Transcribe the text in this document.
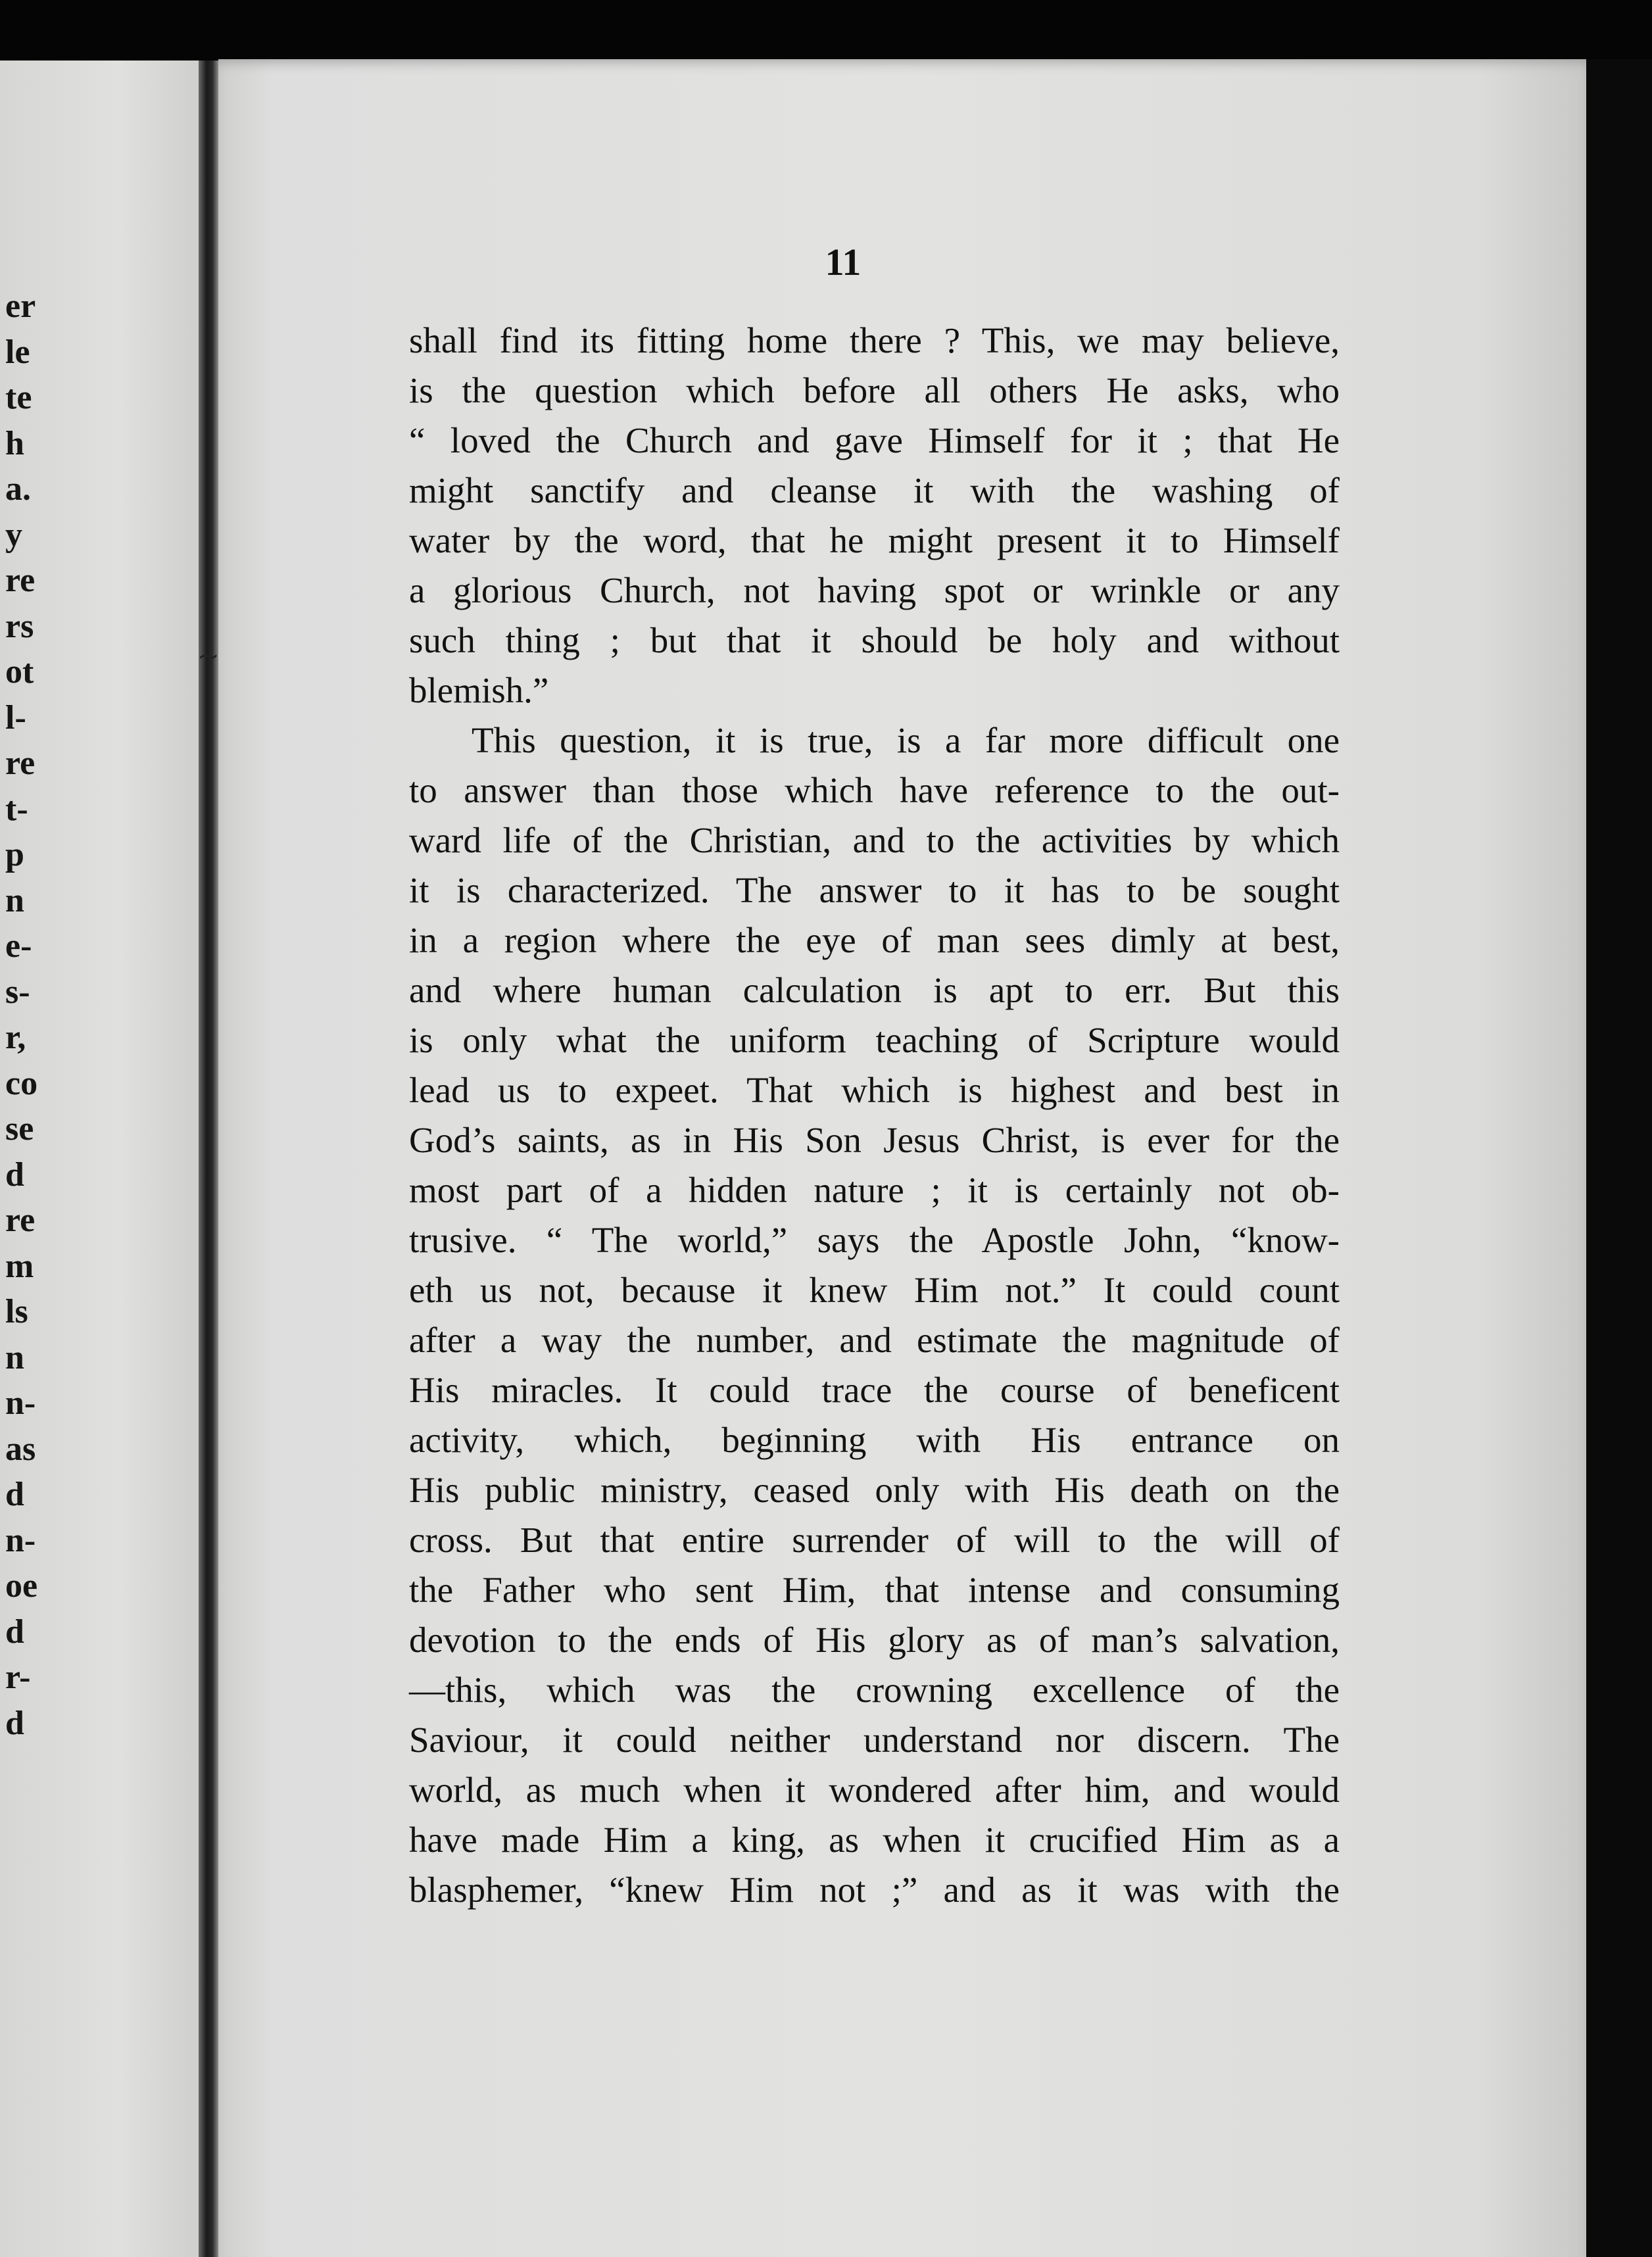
er
le
te
h
a.
y
re
rs
ot
l-
re
t-
p
n
e-
s-
r,
co
se
d
re
m
ls
n
n-
as
d
n-
oe
d
r-
d
11

shall find its fitting home there ? This, we may believe,
is the question which before all others He asks, who
“ loved the Church and gave Himself for it ; that He
might sanctify and cleanse it with the washing of
water by the word, that he might present it to Himself
a glorious Church, not having spot or wrinkle or any
such thing ; but that it should be holy and without
blemish.”

This question, it is true, is a far more difficult one
to answer than those which have reference to the out-
ward life of the Christian, and to the activities by which
it is characterized. The answer to it has to be sought
in a region where the eye of man sees dimly at best,
and where human calculation is apt to err. But this
is only what the uniform teaching of Scripture would
lead us to expeet. That which is highest and best in
God’s saints, as in His Son Jesus Christ, is ever for the
most part of a hidden nature ; it is certainly not ob-
trusive. “ The world,” says the Apostle John, “know-
eth us not, because it knew Him not.” It could count
after a way the number, and estimate the magnitude of
His miracles. It could trace the course of beneficent
activity, which, beginning with His entrance on
His public ministry, ceased only with His death on the
cross. But that entire surrender of will to the will of
the Father who sent Him, that intense and consuming
devotion to the ends of His glory as of man’s salvation,
—this, which was the crowning excellence of the
Saviour, it could neither understand nor discern. The
world, as much when it wondered after him, and would
have made Him a king, as when it crucified Him as a
blasphemer, “knew Him not ;” and as it was with the

~
